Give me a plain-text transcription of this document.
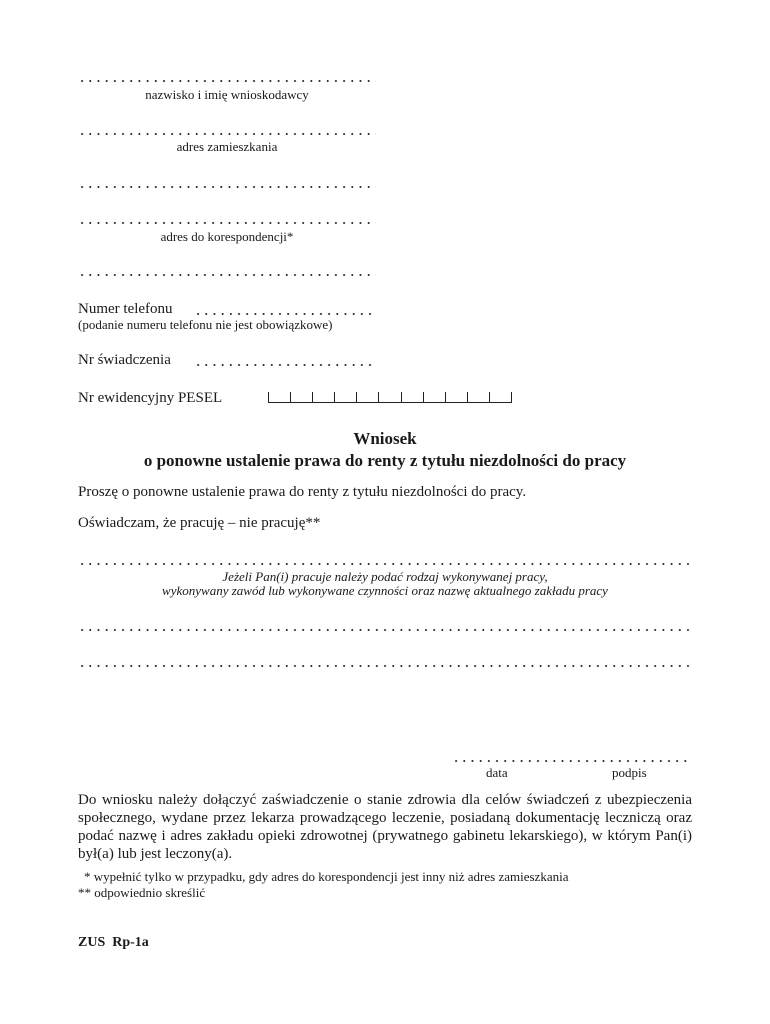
nazwisko i imię wnioskodawcy
adres zamieszkania
adres do korespondencji*
Numer telefonu
(podanie numeru telefonu nie jest obowiązkowe)
Nr świadczenia
Nr ewidencyjny PESEL
Wniosek
o ponowne ustalenie prawa do renty z tytułu niezdolności do pracy
Proszę o ponowne ustalenie prawa do renty z tytułu niezdolności do pracy.
Oświadczam, że pracuję – nie pracuję**
Jeżeli Pan(i) pracuje należy podać rodzaj wykonywanej pracy,
wykonywany zawód lub wykonywane czynności oraz nazwę aktualnego zakładu pracy
data	podpis
Do wniosku należy dołączyć zaświadczenie o stanie zdrowia dla celów świadczeń z ubezpieczenia społecznego, wydane przez lekarza prowadzącego leczenie, posiadaną dokumentację leczniczą oraz podać nazwę i adres zakładu opieki zdrowotnej (prywatnego gabinetu lekarskiego), w którym Pan(i) był(a) lub jest leczony(a).
* wypełnić tylko w przypadku, gdy adres do korespondencji jest inny niż adres zamieszkania
** odpowiednio skreślić
ZUS  Rp-1a
